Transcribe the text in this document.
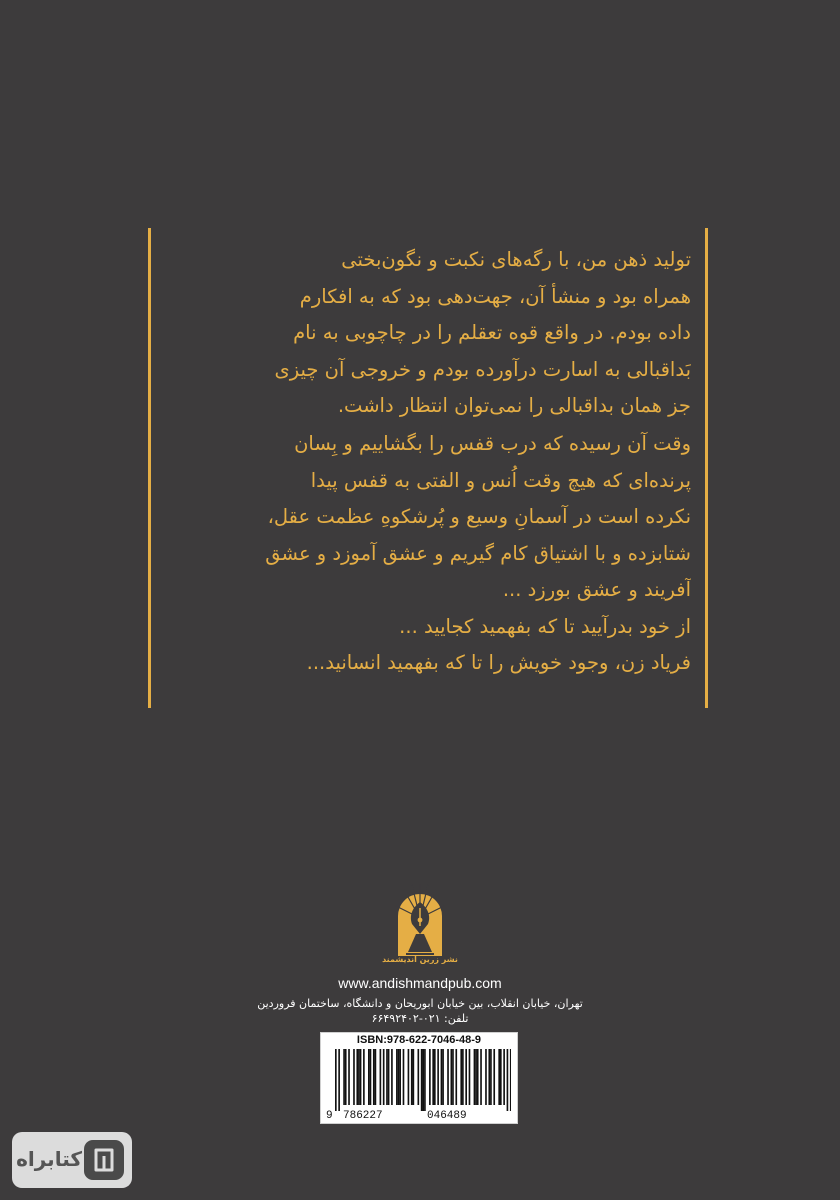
تولید ذهن من، با رگه‌های نکبت و نگون‌بختی
همراه بود و منشأ آن، جهت‌دهی بود که به افکارم
داده بودم. در واقع قوه تعقلم را در چاچوبی به نام
بَداقبالی به اسارت درآورده بودم و خروجی آن چیزی
جز همان بداقبالی را نمی‌توان انتظار داشت.
وقت آن رسیده که درب قفس را بگشاییم و بِسان
پرنده‌ای که هیچ وقت اُنس و الفتی به قفس پیدا
نکرده است در آسمانِ وسیع و پُرشکوهِ عظمت عقل،
شتابزده و با اشتیاق کام گیریم و عشق آموزد و عشق
آفریند و عشق بورزد ...
از خود بدرآیید تا که بفهمید کجایید ...
فریاد زن، وجود خویش را تا که بفهمید انسانید...
نشر زرین اندیشمند
www.andishmandpub.com
تهران، خیابان انقلاب، بین خیابان ابوریحان و دانشگاه، ساختمان فروردین
تلفن: ۰۲۱-۶۶۴۹۲۴۰۲
ISBN:978-622-7046-48-9
9 786227	046489
کتابراه
